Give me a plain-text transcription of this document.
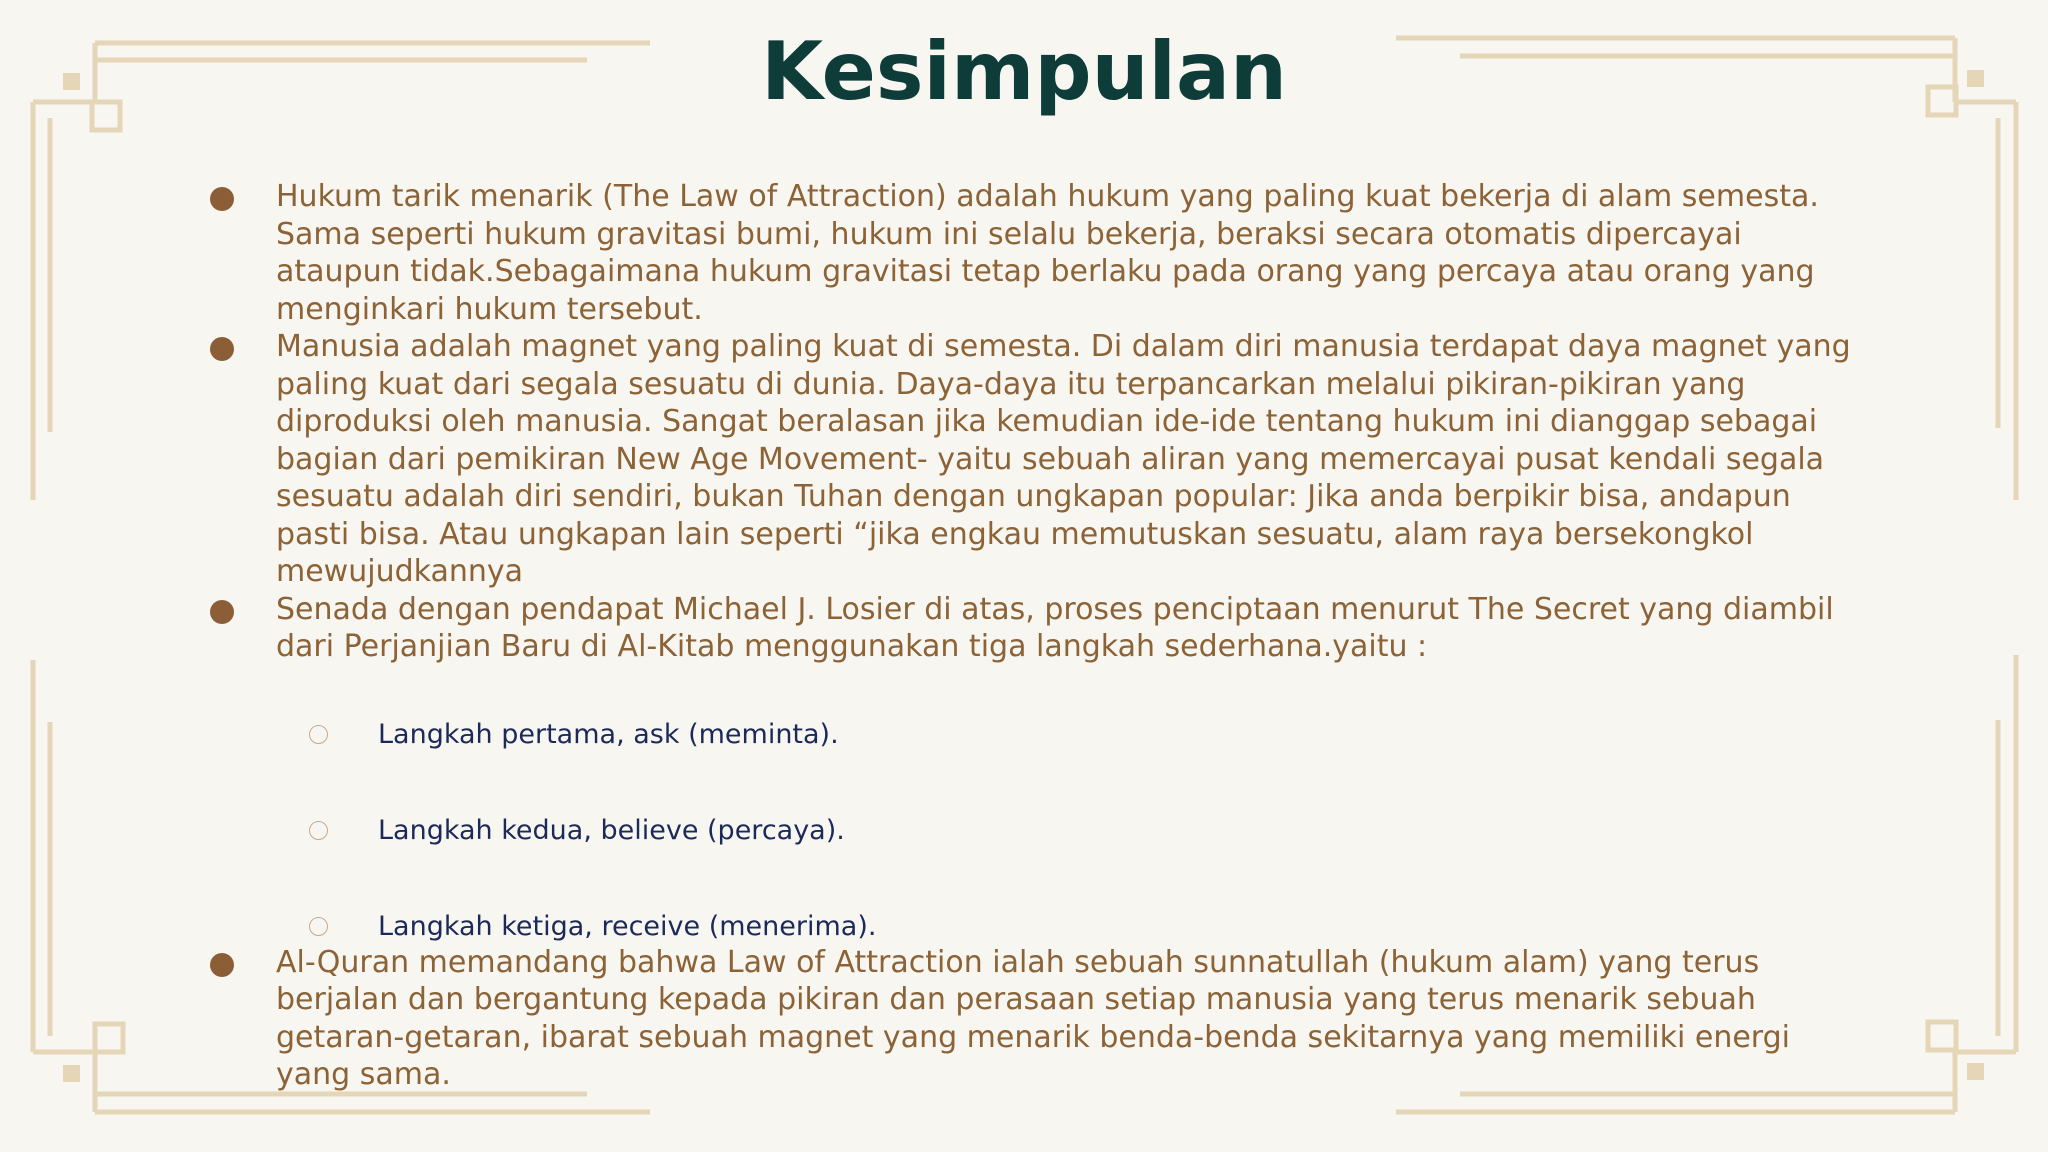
Kesimpulan
Hukum tarik menarik (The Law of Attraction) adalah hukum yang paling kuat bekerja di alam semesta. Sama seperti hukum gravitasi bumi, hukum ini selalu bekerja, beraksi secara otomatis dipercayai ataupun tidak.Sebagaimana hukum gravitasi tetap berlaku pada orang yang percaya atau orang yang menginkari hukum tersebut.
Manusia adalah magnet yang paling kuat di semesta. Di dalam diri manusia terdapat daya magnet yang paling kuat dari segala sesuatu di dunia. Daya-daya itu terpancarkan melalui pikiran-pikiran yang diproduksi oleh manusia. Sangat beralasan jika kemudian ide-ide tentang hukum ini dianggap sebagai bagian dari pemikiran New Age Movement- yaitu sebuah aliran yang memercayai pusat kendali segala sesuatu adalah diri sendiri, bukan Tuhan dengan ungkapan popular: Jika anda berpikir bisa, andapun pasti bisa. Atau ungkapan lain seperti “jika engkau memutuskan sesuatu, alam raya bersekongkol mewujudkannya
Senada dengan pendapat Michael J. Losier di atas, proses penciptaan menurut The Secret yang diambil dari Perjanjian Baru di Al-Kitab menggunakan tiga langkah sederhana.yaitu :
Langkah pertama, ask (meminta).
Langkah kedua, believe (percaya).
Langkah ketiga, receive (menerima).
Al-Quran memandang bahwa Law of Attraction ialah sebuah sunnatullah (hukum alam) yang terus berjalan dan bergantung kepada pikiran dan perasaan setiap manusia yang terus menarik sebuah getaran-getaran, ibarat sebuah magnet yang menarik benda-benda sekitarnya yang memiliki energi yang sama.
